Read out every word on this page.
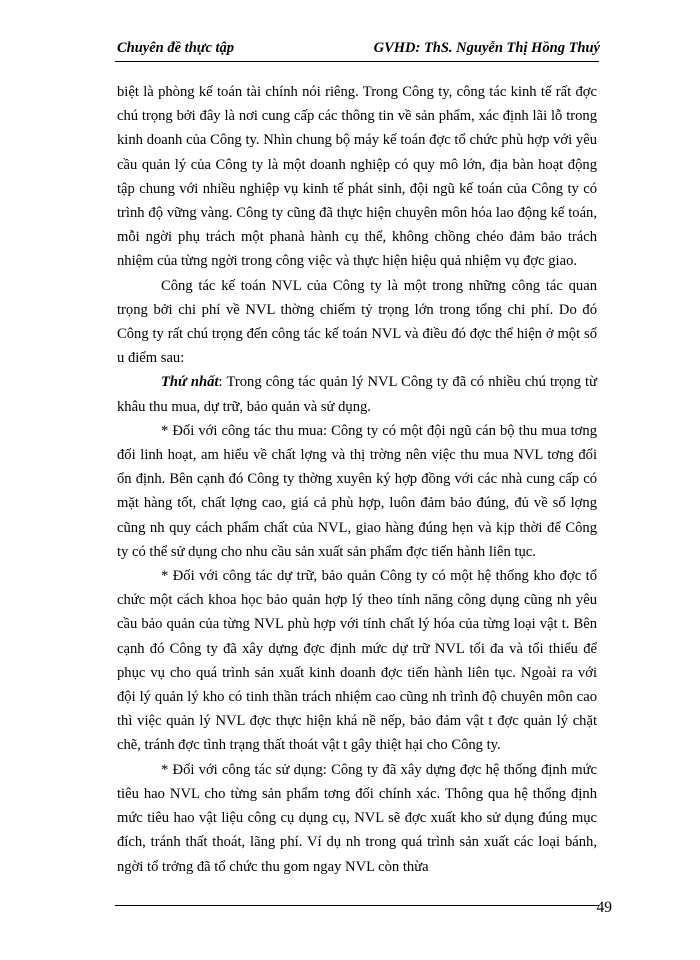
Chuyên đề thực tập	GVHD: ThS. Nguyễn Thị Hồng Thuý

biệt là phòng kế toán tài chính nói riêng. Trong Công ty, công tác kinh tế rất đợc chú trọng bởi đây là nơi cung cấp các thông tin về sản phẩm, xác định lãi lỗ trong kinh doanh của Công ty. Nhìn chung bộ máy kế toán đợc tổ chức phù hợp với yêu cầu quản lý của Công ty là một doanh nghiệp có quy mô lớn, địa bàn hoạt động tập chung với nhiều nghiệp vụ kinh tế phát sinh, đội ngũ kế toán của Công ty có trình độ vững vàng. Công ty cũng đã thực hiện chuyên môn hóa lao động kế toán, mỗi ngời phụ trách một phanà hành cụ thể, không chồng chéo đảm bảo trách nhiệm của từng ngời trong công việc và thực hiện hiệu quả nhiệm vụ đợc giao.

Công tác kế toán NVL của Công ty là một trong những công tác quan trọng bởi chi phí về NVL thờng chiếm tỷ trọng lớn trong tổng chi phí. Do đó Công ty rất chú trọng đến công tác kế toán NVL và điều đó đợc thể hiện ở một số u điểm sau:

Thứ nhất: Trong công tác quản lý NVL Công ty đã có nhiều chú trọng từ khâu thu mua, dự trữ, bảo quản và sử dụng.

* Đối với công tác thu mua: Công ty có một đội ngũ cán bộ thu mua tơng đối linh hoạt, am hiểu về chất lợng và thị trờng nên việc thu mua NVL tơng đối ổn định. Bên cạnh đó Công ty thờng xuyên ký hợp đồng với các nhà cung cấp có mặt hàng tốt, chất lợng cao, giá cả phù hợp, luôn đảm bảo đúng, đủ về số lợng cũng nh quy cách phẩm chất của NVL, giao hàng đúng hẹn và kịp thời để Công ty có thể sử dụng cho nhu cầu sản xuất sản phẩm đợc tiến hành liên tục.

* Đối với công tác dự trữ, bảo quản Công ty có một hệ thống kho đợc tổ chức một cách khoa học bảo quản hợp lý theo tính năng công dụng cũng nh yêu cầu bảo quản của từng NVL phù hợp với tính chất lý hóa của từng loại vật t. Bên cạnh đó Công ty đã xây dựng đợc định mức dự trữ NVL tối đa và tối thiểu để phục vụ cho quá trình sản xuất kinh doanh đợc tiến hành liên tục. Ngoài ra với đội lý quản lý kho có tinh thần trách nhiệm cao cũng nh trình độ chuyên môn cao thì việc quản lý NVL đợc thực hiện khá nề nếp, bảo đảm vật t đợc quản lý chặt chẽ, tránh đợc tình trạng thất thoát vật t gây thiệt hại cho Công ty.

* Đối với công tác sử dụng: Công ty đã xây dựng đợc hệ thống định mức tiêu hao NVL cho từng sản phẩm tơng đối chính xác. Thông qua hệ thống định mức tiêu hao vật liệu công cụ dụng cụ, NVL sẽ đợc xuất kho sử dụng đúng mục đích, tránh thất thoát, lãng phí. Ví dụ nh trong quá trình sản xuất các loại bánh, ngời tổ trởng đã tổ chức thu gom ngay NVL còn thừa

49
